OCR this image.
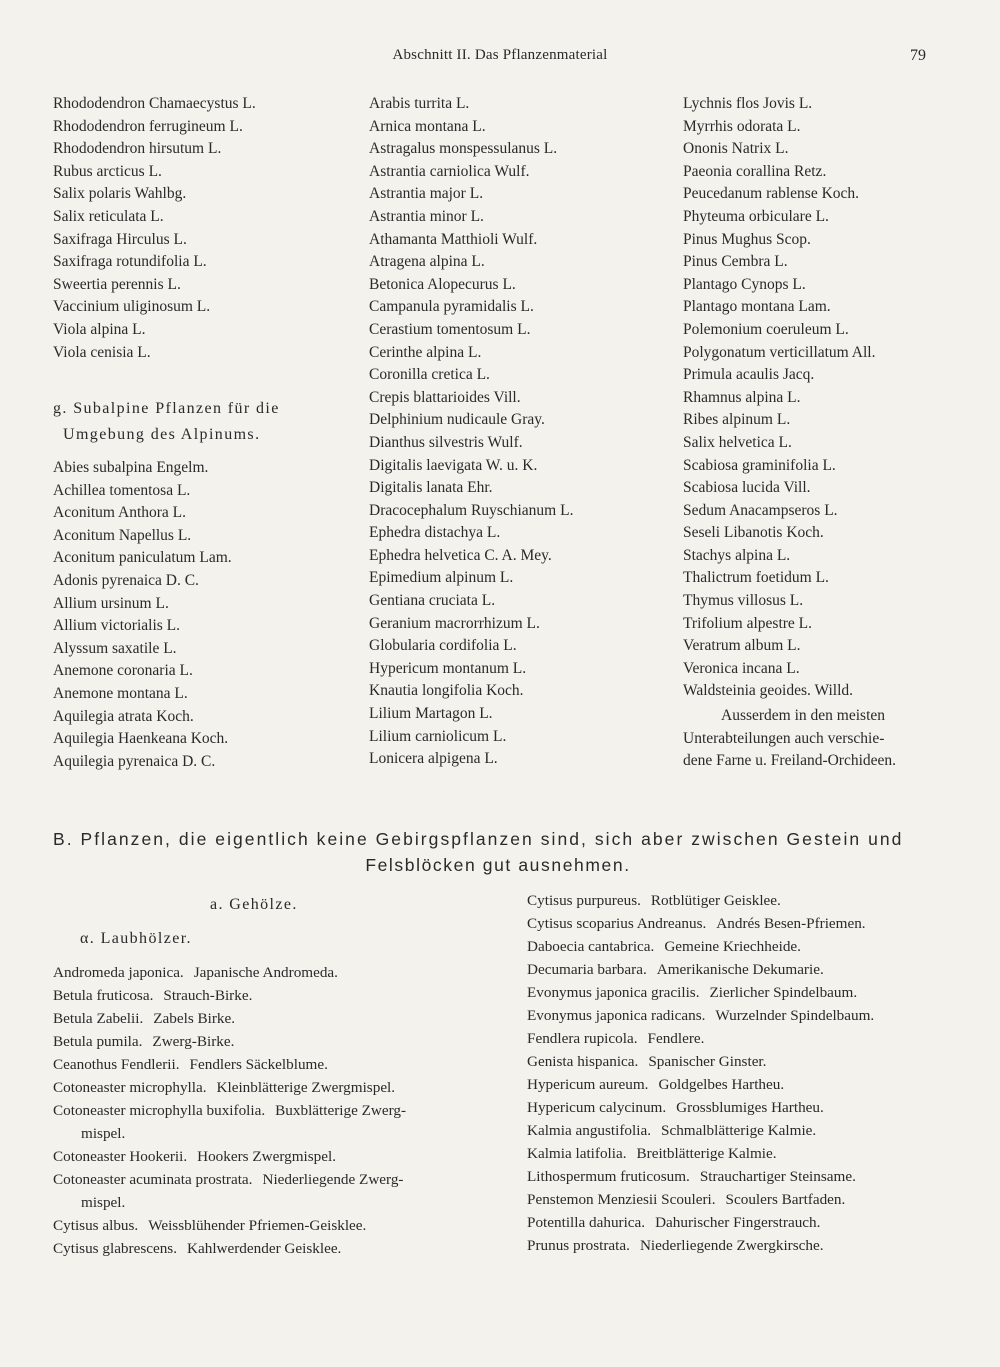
Abschnitt II. Das Pflanzenmaterial	79
Rhododendron Chamaecystus L.
Rhododendron ferrugineum L.
Rhododendron hirsutum L.
Rubus arcticus L.
Salix polaris Wahlbg.
Salix reticulata L.
Saxifraga Hirculus L.
Saxifraga rotundifolia L.
Sweertia perennis L.
Vaccinium uliginosum L.
Viola alpina L.
Viola cenisia L.
g. Subalpine Pflanzen für die
Umgebung des Alpinums.
Abies subalpina Engelm.
Achillea tomentosa L.
Aconitum Anthora L.
Aconitum Napellus L.
Aconitum paniculatum Lam.
Adonis pyrenaica D. C.
Allium ursinum L.
Allium victorialis L.
Alyssum saxatile L.
Anemone coronaria L.
Anemone montana L.
Aquilegia atrata Koch.
Aquilegia Haenkeana Koch.
Aquilegia pyrenaica D. C.
Arabis turrita L.
Arnica montana L.
Astragalus monspessulanus L.
Astrantia carniolica Wulf.
Astrantia major L.
Astrantia minor L.
Athamanta Matthioli Wulf.
Atragena alpina L.
Betonica Alopecurus L.
Campanula pyramidalis L.
Cerastium tomentosum L.
Cerinthe alpina L.
Coronilla cretica L.
Crepis blattarioides Vill.
Delphinium nudicaule Gray.
Dianthus silvestris Wulf.
Digitalis laevigata W. u. K.
Digitalis lanata Ehr.
Dracocephalum Ruyschianum L.
Ephedra distachya L.
Ephedra helvetica C. A. Mey.
Epimedium alpinum L.
Gentiana cruciata L.
Geranium macrorrhizum L.
Globularia cordifolia L.
Hypericum montanum L.
Knautia longifolia Koch.
Lilium Martagon L.
Lilium carniolicum L.
Lonicera alpigena L.
Lychnis flos Jovis L.
Myrrhis odorata L.
Ononis Natrix L.
Paeonia corallina Retz.
Peucedanum rablense Koch.
Phyteuma orbiculare L.
Pinus Mughus Scop.
Pinus Cembra L.
Plantago Cynops L.
Plantago montana Lam.
Polemonium coeruleum L.
Polygonatum verticillatum All.
Primula acaulis Jacq.
Rhamnus alpina L.
Ribes alpinum L.
Salix helvetica L.
Scabiosa graminifolia L.
Scabiosa lucida Vill.
Sedum Anacampseros L.
Seseli Libanotis Koch.
Stachys alpina L.
Thalictrum foetidum L.
Thymus villosus L.
Trifolium alpestre L.
Veratrum album L.
Veronica incana L.
Waldsteinia geoides. Willd.
Ausserdem in den meisten
Unterabteilungen auch verschie-
dene Farne u. Freiland-Orchideen.
B. Pflanzen, die eigentlich keine Gebirgspflanzen sind, sich aber zwischen Gestein und
Felsblöcken gut ausnehmen.
a. Gehölze.
α. Laubhölzer.
Andromeda japonica. Japanische Andromeda.
Betula fruticosa. Strauch-Birke.
Betula Zabelii. Zabels Birke.
Betula pumila. Zwerg-Birke.
Ceanothus Fendlerii. Fendlers Säckelblume.
Cotoneaster microphylla. Kleinblätterige Zwergmispel.
Cotoneaster microphylla buxifolia. Buxblätterige Zwerg-
mispel.
Cotoneaster Hookerii. Hookers Zwergmispel.
Cotoneaster acuminata prostrata. Niederliegende Zwerg-
mispel.
Cytisus albus. Weissblühender Pfriemen-Geisklee.
Cytisus glabrescens. Kahlwerdender Geisklee.
Cytisus purpureus. Rotblütiger Geisklee.
Cytisus scoparius Andreanus. Andrés Besen-Pfriemen.
Daboecia cantabrica. Gemeine Kriechheide.
Decumaria barbara. Amerikanische Dekumarie.
Evonymus japonica gracilis. Zierlicher Spindelbaum.
Evonymus japonica radicans. Wurzelnder Spindelbaum.
Fendlera rupicola. Fendlere.
Genista hispanica. Spanischer Ginster.
Hypericum aureum. Goldgelbes Hartheu.
Hypericum calycinum. Grossblumiges Hartheu.
Kalmia angustifolia. Schmalblätterige Kalmie.
Kalmia latifolia. Breitblätterige Kalmie.
Lithospermum fruticosum. Strauchartiger Steinsame.
Penstemon Menziesii Scouleri. Scoulers Bartfaden.
Potentilla dahurica. Dahurischer Fingerstrauch.
Prunus prostrata. Niederliegende Zwergkirsche.
